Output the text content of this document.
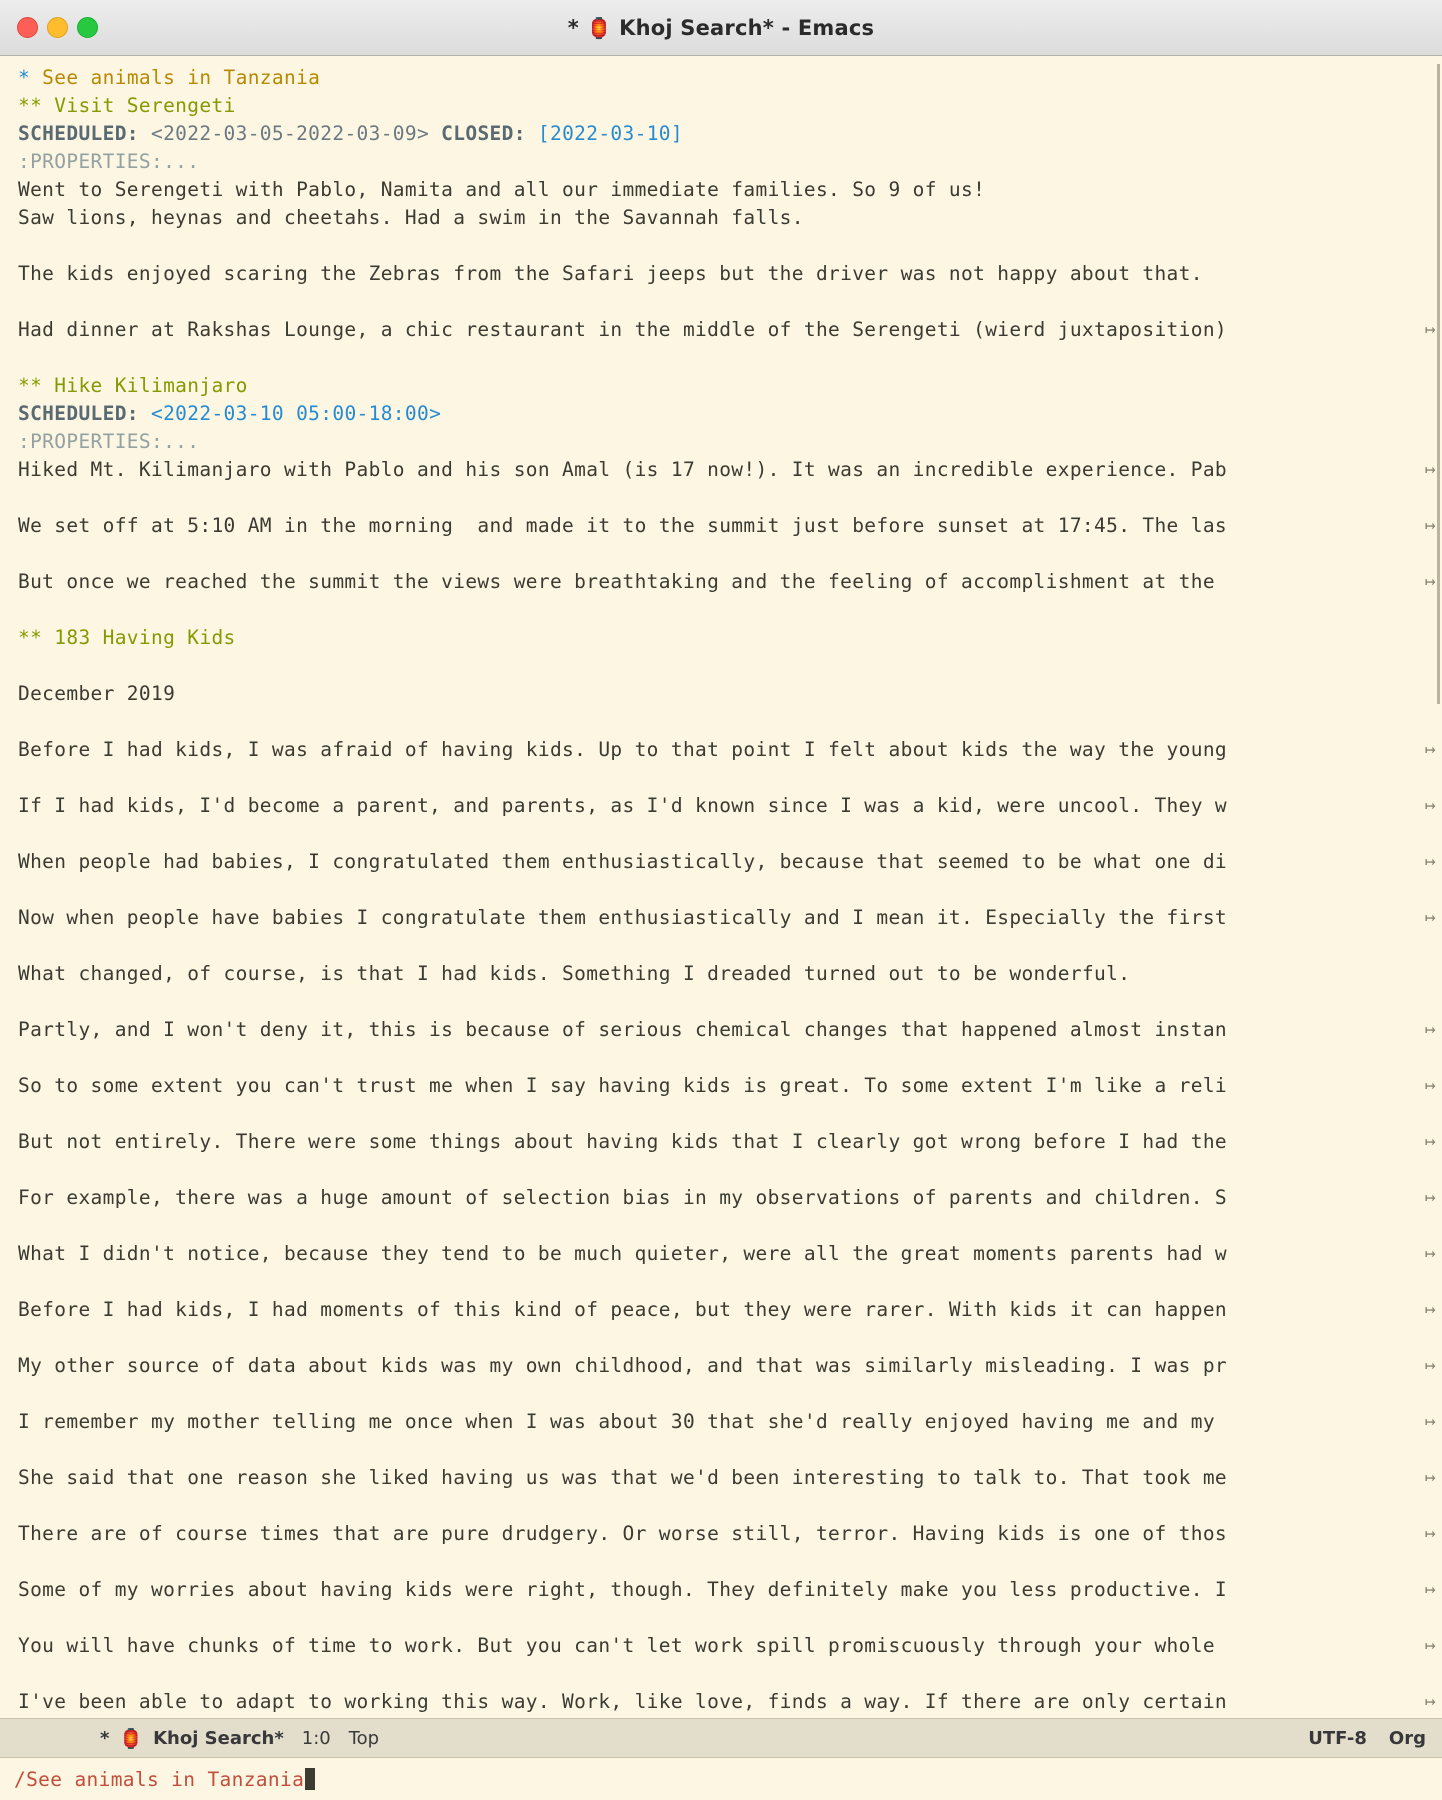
* 🏮 Khoj Search* - Emacs
* See animals in Tanzania
** Visit Serengeti
SCHEDULED: <2022-03-05-2022-03-09> CLOSED: [2022-03-10]
:PROPERTIES:...
Went to Serengeti with Pablo, Namita and all our immediate families. So 9 of us!
Saw lions, heynas and cheetahs. Had a swim in the Savannah falls.
The kids enjoyed scaring the Zebras from the Safari jeeps but the driver was not happy about that.
Had dinner at Rakshas Lounge, a chic restaurant in the middle of the Serengeti (wierd juxtaposition)	↦
** Hike Kilimanjaro
SCHEDULED: <2022-03-10 05:00-18:00>
:PROPERTIES:...
Hiked Mt. Kilimanjaro with Pablo and his son Amal (is 17 now!). It was an incredible experience. Pab	↦
We set off at 5:10 AM in the morning  and made it to the summit just before sunset at 17:45. The las	↦
But once we reached the summit the views were breathtaking and the feeling of accomplishment at the	↦
** 183 Having Kids
December 2019
Before I had kids, I was afraid of having kids. Up to that point I felt about kids the way the young	↦
If I had kids, I'd become a parent, and parents, as I'd known since I was a kid, were uncool. They w	↦
When people had babies, I congratulated them enthusiastically, because that seemed to be what one di	↦
Now when people have babies I congratulate them enthusiastically and I mean it. Especially the first	↦
What changed, of course, is that I had kids. Something I dreaded turned out to be wonderful.
Partly, and I won't deny it, this is because of serious chemical changes that happened almost instan	↦
So to some extent you can't trust me when I say having kids is great. To some extent I'm like a reli	↦
But not entirely. There were some things about having kids that I clearly got wrong before I had the	↦
For example, there was a huge amount of selection bias in my observations of parents and children. S	↦
What I didn't notice, because they tend to be much quieter, were all the great moments parents had w	↦
Before I had kids, I had moments of this kind of peace, but they were rarer. With kids it can happen	↦
My other source of data about kids was my own childhood, and that was similarly misleading. I was pr	↦
I remember my mother telling me once when I was about 30 that she'd really enjoyed having me and my	↦
She said that one reason she liked having us was that we'd been interesting to talk to. That took me	↦
There are of course times that are pure drudgery. Or worse still, terror. Having kids is one of thos	↦
Some of my worries about having kids were right, though. They definitely make you less productive. I	↦
You will have chunks of time to work. But you can't let work spill promiscuously through your whole	↦
I've been able to adapt to working this way. Work, like love, finds a way. If there are only certain	↦
* 🏮 Khoj Search* 1:0 Top	UTF-8 Org
/See animals in Tanzania
